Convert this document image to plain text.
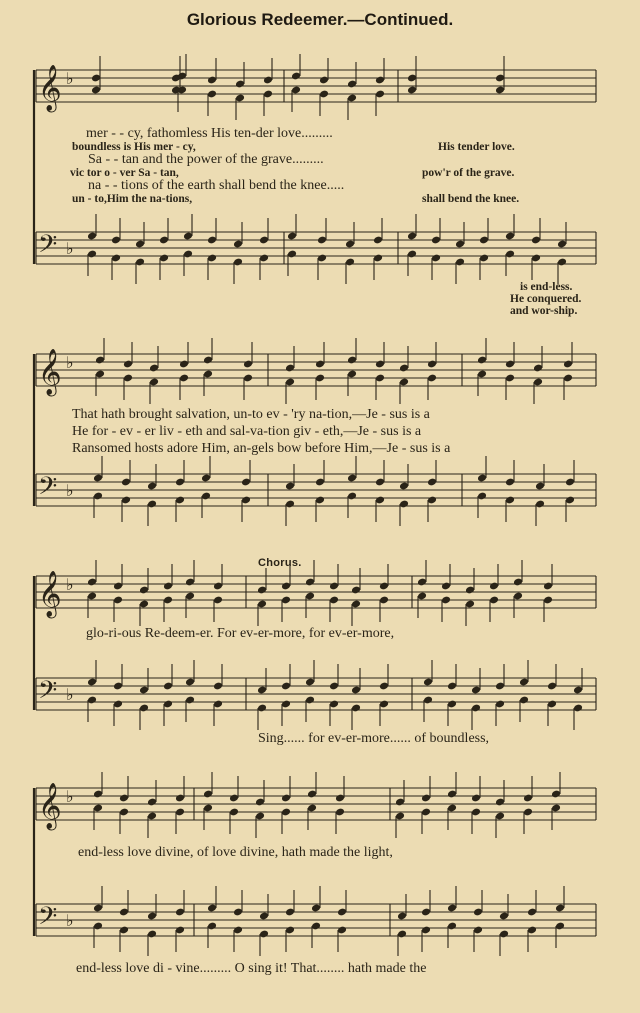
Glorious Redeemer.—Continued.
𝄞 ♭
𝄢 ♭
𝄞 ♭
𝄢 ♭
𝄞 ♭
𝄢 ♭
𝄞 ♭
𝄢 ♭
mer - - cy, fathomless His ten-der love.........
boundless is His mer - cy,	His tender love.
Sa - - tan and the power of the grave.........
vic tor o - ver Sa - tan,	pow'r of the grave.
na - - tions of the earth shall bend the knee.....
un - to,Him the na-tions,	shall bend the knee.
is end-less.
He conquered.
and wor-ship.
That hath brought salvation, un-to ev - 'ry na-tion,—Je - sus is a
He for - ev - er liv - eth and sal-va-tion giv - eth,—Je - sus is a
Ransomed hosts adore Him, an-gels bow before Him,—Je - sus is a
Chorus.
glo-ri-ous Re-deem-er. For ev-er-more, for ev-er-more,
Sing...... for ev-er-more...... of boundless,
end-less love divine, of love divine, hath made the light,
end-less love di - vine......... O sing it! That........ hath made the
